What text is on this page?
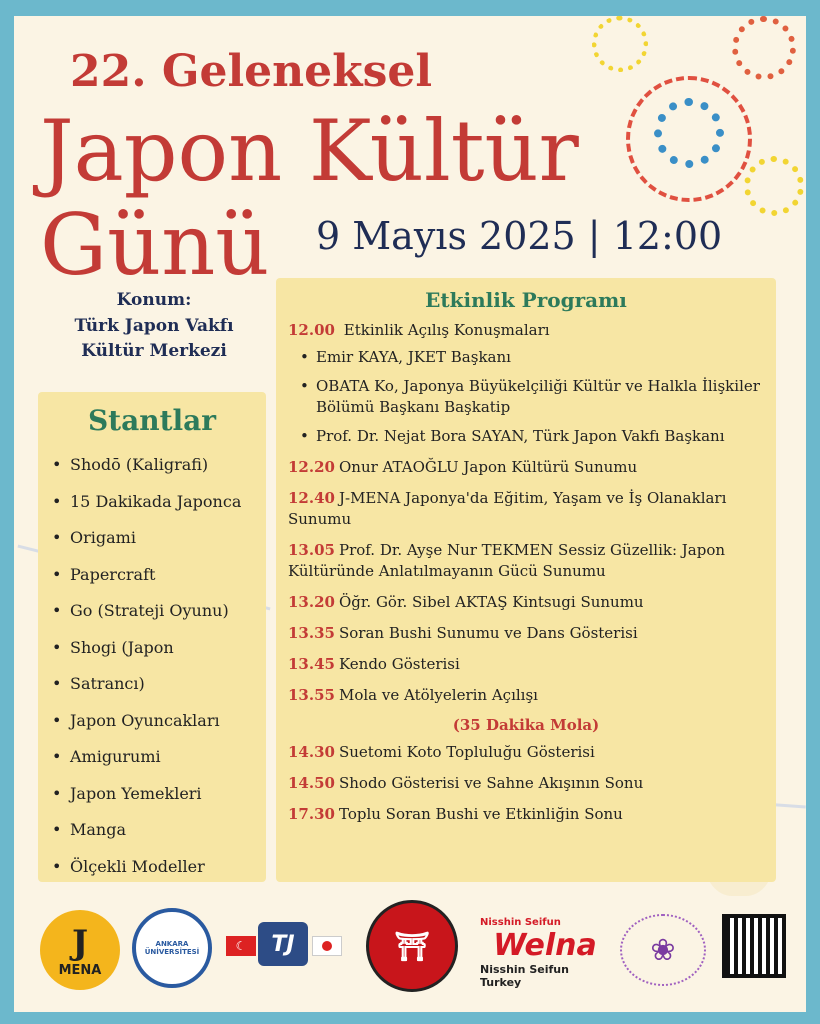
22. Geleneksel
Japon Kültür
Günü 9 Mayıs 2025 | 12:00
Konum:
Türk Japon Vakfı
Kültür Merkezi
Stantlar
• Shodō (Kaligrafi)
• 15 Dakikada Japonca
• Origami
• Papercraft
• Go (Strateji Oyunu)
• Shogi (Japon
• Satrancı)
• Japon Oyuncakları
• Amigurumi
• Japon Yemekleri
• Manga
• Ölçekli Modeller
Etkinlik Programı
12.00 Etkinlik Açılış Konuşmaları
• Emir KAYA, JKET Başkanı
• OBATA Ko, Japonya Büyükelçiliği Kültür ve Halkla İlişkiler Bölümü Başkanı Başkatip
• Prof. Dr. Nejat Bora SAYAN, Türk Japon Vakfı Başkanı
12.20 Onur ATAOĞLU Japon Kültürü Sunumu
12.40 J-MENA Japonya'da Eğitim, Yaşam ve İş Olanakları Sunumu
13.05 Prof. Dr. Ayşe Nur TEKMEN Sessiz Güzellik: Japon Kültüründe Anlatılmayanın Gücü Sunumu
13.20 Öğr. Gör. Sibel AKTAŞ Kintsugi Sunumu
13.35 Soran Bushi Sunumu ve Dans Gösterisi
13.45 Kendo Gösterisi
13.55 Mola ve Atölyelerin Açılışı
(35 Dakika Mola)
14.30 Suetomi Koto Topluluğu Gösterisi
14.50 Shodo Gösterisi ve Sahne Akışının Sonu
17.30 Toplu Soran Bushi ve Etkinliğin Sonu
J
MENA
ANKARA ÜNİVERSİTESİ	☾	TJ	⛩
Nisshin Seifun
Welna
Nisshin Seifun Turkey
❀
